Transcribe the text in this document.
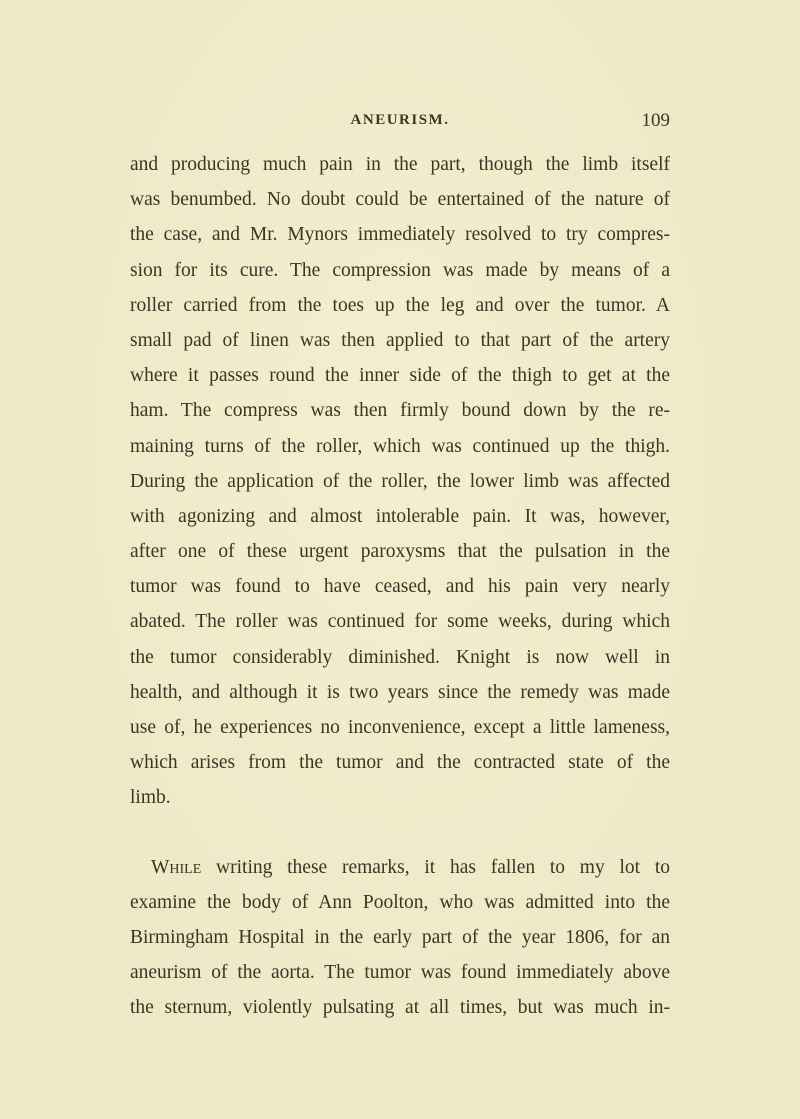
ANEURISM.	109
and producing much pain in the part, though the limb itself
was benumbed. No doubt could be entertained of the nature of
the case, and Mr. Mynors immediately resolved to try compres-
sion for its cure. The compression was made by means of a
roller carried from the toes up the leg and over the tumor. A
small pad of linen was then applied to that part of the artery
where it passes round the inner side of the thigh to get at the
ham. The compress was then firmly bound down by the re-
maining turns of the roller, which was continued up the thigh.
During the application of the roller, the lower limb was affected
with agonizing and almost intolerable pain. It was, however,
after one of these urgent paroxysms that the pulsation in the
tumor was found to have ceased, and his pain very nearly
abated. The roller was continued for some weeks, during which
the tumor considerably diminished. Knight is now well in
health, and although it is two years since the remedy was made
use of, he experiences no inconvenience, except a little lameness,
which arises from the tumor and the contracted state of the
limb.
While writing these remarks, it has fallen to my lot to
examine the body of Ann Poolton, who was admitted into the
Birmingham Hospital in the early part of the year 1806, for an
aneurism of the aorta. The tumor was found immediately above
the sternum, violently pulsating at all times, but was much in-
